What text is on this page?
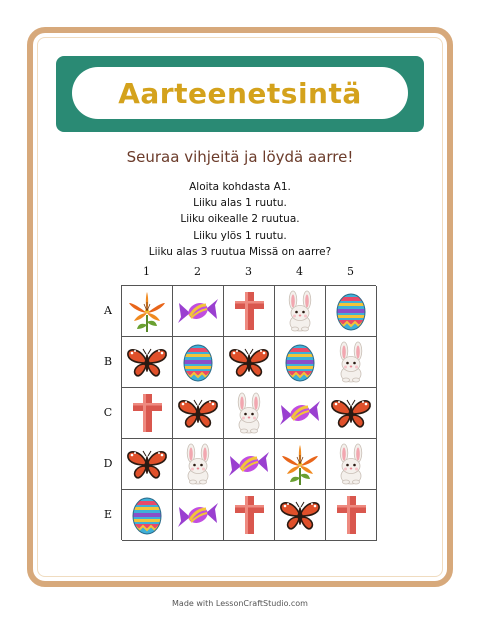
Aarteenetsintä
Seuraa vihjeitä ja löydä aarre!
Aloita kohdasta A1.
Liiku alas 1 ruutu.
Liiku oikealle 2 ruutua.
Liiku ylös 1 ruutu.
Liiku alas 3 ruutua Missä on aarre?
1	2	3	4	5
A
B
C
D
E
Made with LessonCraftStudio.com
